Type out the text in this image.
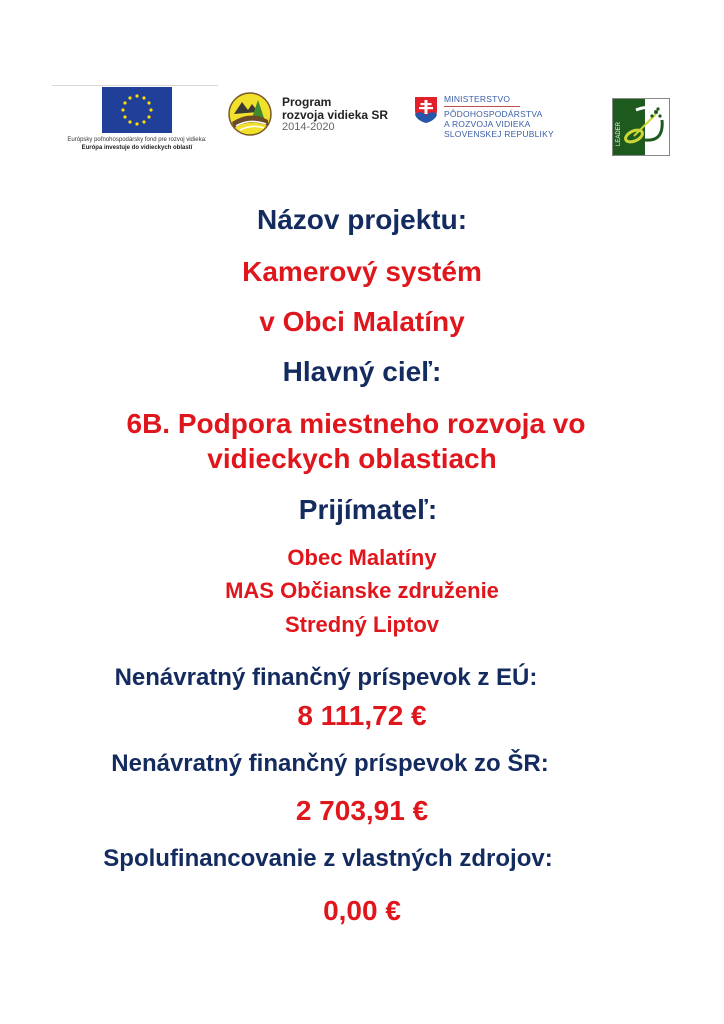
Európsky poľnohospodársky fond pre rozvoj vidieka:
Európa investuje do vidieckych oblastí
Program
rozvoja vidieka SR
2014-2020
MINISTERSTVO
PÔDOHOSPODÁRSTVA
A ROZVOJA VIDIEKA
SLOVENSKEJ REPUBLIKY	LEADER
Názov projektu:
Kamerový systém
v Obci Malatíny
Hlavný cieľ:
6B. Podpora miestneho rozvoja vo
vidieckych oblastiach
Prijímateľ:
Obec Malatíny
MAS Občianske združenie
Stredný Liptov
Nenávratný finančný príspevok z EÚ:
8 111,72 €
Nenávratný finančný príspevok zo ŠR:
2 703,91 €
Spolufinancovanie z vlastných zdrojov:
0,00 €
